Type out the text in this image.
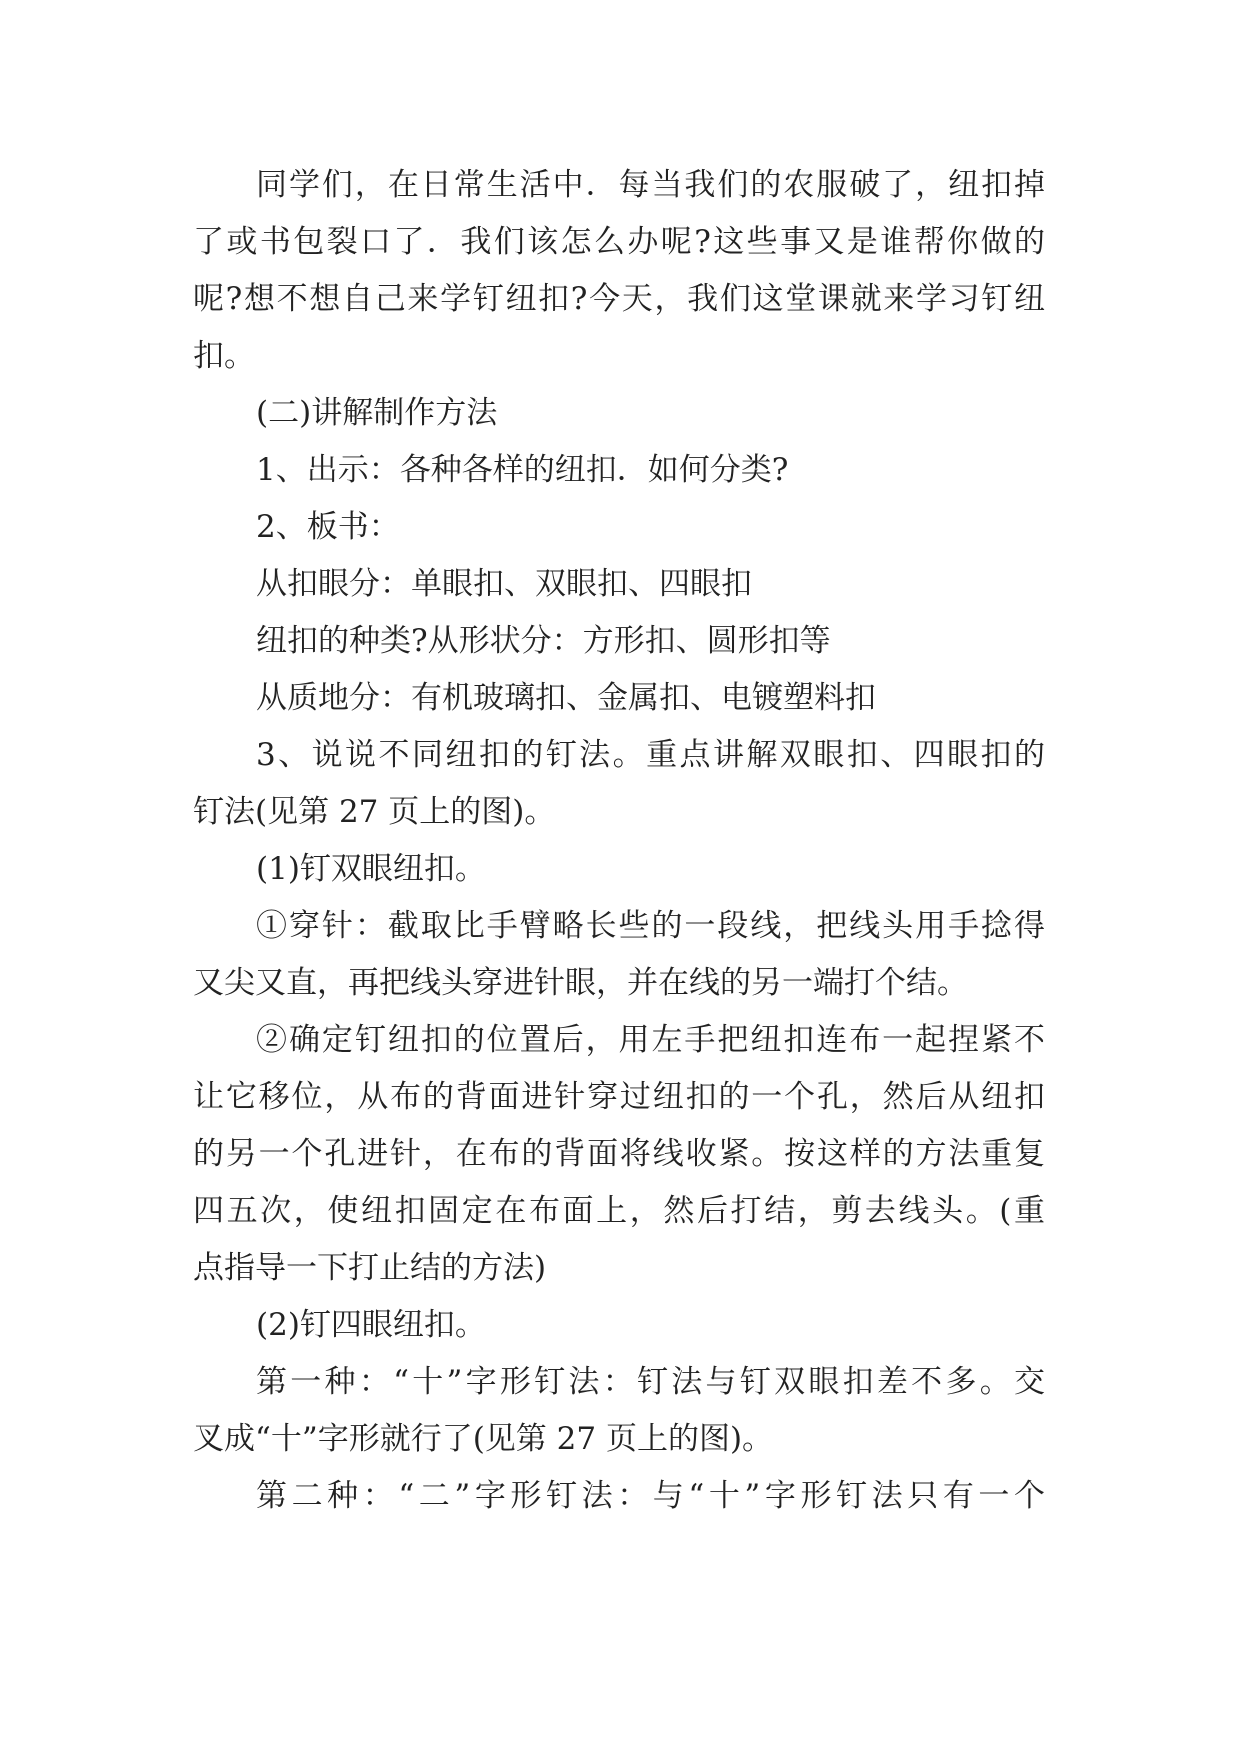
同学们，在日常生活中．每当我们的农服破了，纽扣掉
了或书包裂口了．我们该怎么办呢?这些事又是谁帮你做的
呢?想不想自己来学钉纽扣?今天，我们这堂课就来学习钉纽
扣。
(二)讲解制作方法
1、出示：各种各样的纽扣．如何分类?
2、板书：
从扣眼分：单眼扣、双眼扣、四眼扣
纽扣的种类?从形状分：方形扣、圆形扣等
从质地分：有机玻璃扣、金属扣、电镀塑料扣
3、说说不同纽扣的钉法。重点讲解双眼扣、四眼扣的
钉法(见第 27 页上的图)。
(1)钉双眼纽扣。
①穿针：截取比手臂略长些的一段线，把线头用手捻得
又尖又直，再把线头穿进针眼，并在线的另一端打个结。
②确定钉纽扣的位置后，用左手把纽扣连布一起捏紧不
让它移位，从布的背面进针穿过纽扣的一个孔，然后从纽扣
的另一个孔进针，在布的背面将线收紧。按这样的方法重复
四五次，使纽扣固定在布面上，然后打结，剪去线头。(重
点指导一下打止结的方法)
(2)钉四眼纽扣。
第一种：“十”字形钉法：钉法与钉双眼扣差不多。交
叉成“十”字形就行了(见第 27 页上的图)。
第二种：“二”字形钉法：与“十”字形钉法只有一个
